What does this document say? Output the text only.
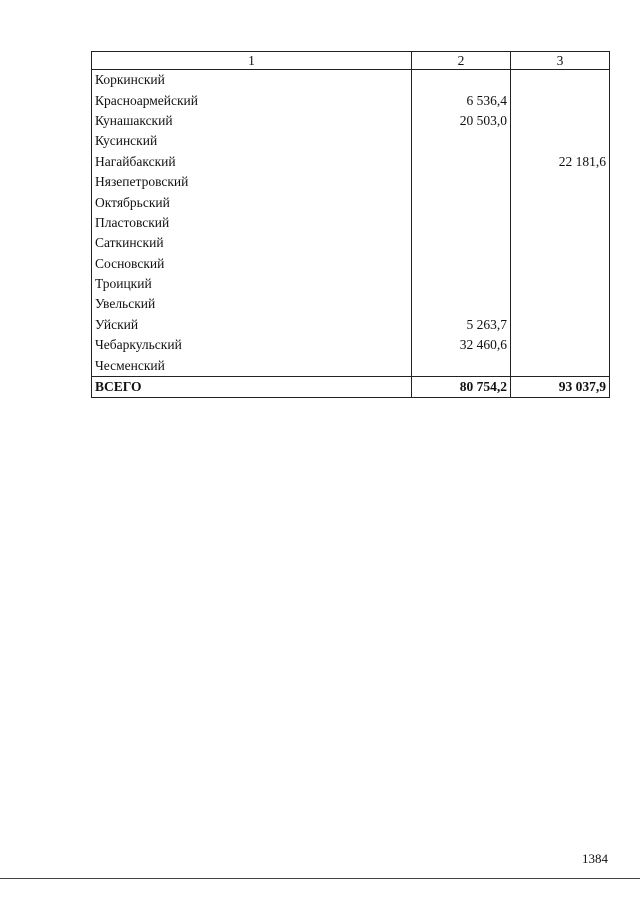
1	2	3
Коркинский		
Красноармейский	6 536,4	
Кунашакский	20 503,0	
Кусинский		
Нагайбакский		22 181,6
Нязепетровский		
Октябрьский		
Пластовский		
Саткинский		
Сосновский		
Троицкий		
Увельский		
Уйский	5 263,7	
Чебаркульский	32 460,6	
Чесменский		
ВСЕГО	80 754,2	93 037,9
1384
